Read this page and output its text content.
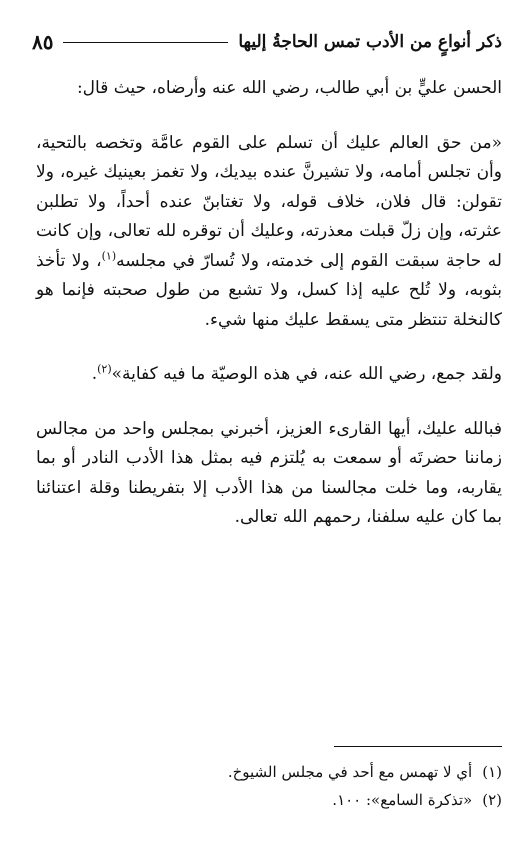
ذكر أنواعٍ من الأدب تمس الحاجةُ إليها
٨٥

الحسن عليٍّ بن أبي طالب، رضي الله عنه وأرضاه، حيث قال:

«من حق العالم عليك أن تسلم على القوم عامَّة وتخصه بالتحية، وأن تجلس أمامه، ولا تشيرنَّ عنده بيديك، ولا تغمز بعينيك غيره، ولا تقولن: قال فلان، خلاف قوله، ولا تغتابنّ عنده أحداً، ولا تطلبن عثرته، وإن زلّ قبلت معذرته، وعليك أن توقره لله تعالى، وإن كانت له حاجة سبقت القوم إلى خدمته، ولا تُسارّ في مجلسه$^{(١)}$، ولا تأخذ بثوبه، ولا تُلح عليه إذا كسل، ولا تشبع من طول صحبته فإنما هو كالنخلة تنتظر متى يسقط عليك منها شيء.

ولقد جمع، رضي الله عنه، في هذه الوصيّة ما فيه كفاية»$^{(٢)}$.

فبالله عليك، أيها القارىء العزيز، أخبرني بمجلس واحد من مجالس زماننا حضرتَه أو سمعت به يُلتزم فيه بمثل هذا الأدب النادر أو بما يقاربه، وما خلت مجالسنا من هذا الأدب إلا بتفريطنا وقلة اعتنائنا بما كان عليه سلفنا، رحمهم الله تعالى.

(١)
أي لا تهمس مع أحد في مجلس الشيوخ.
(٢)
«تذكرة السامع»: ١٠٠.
